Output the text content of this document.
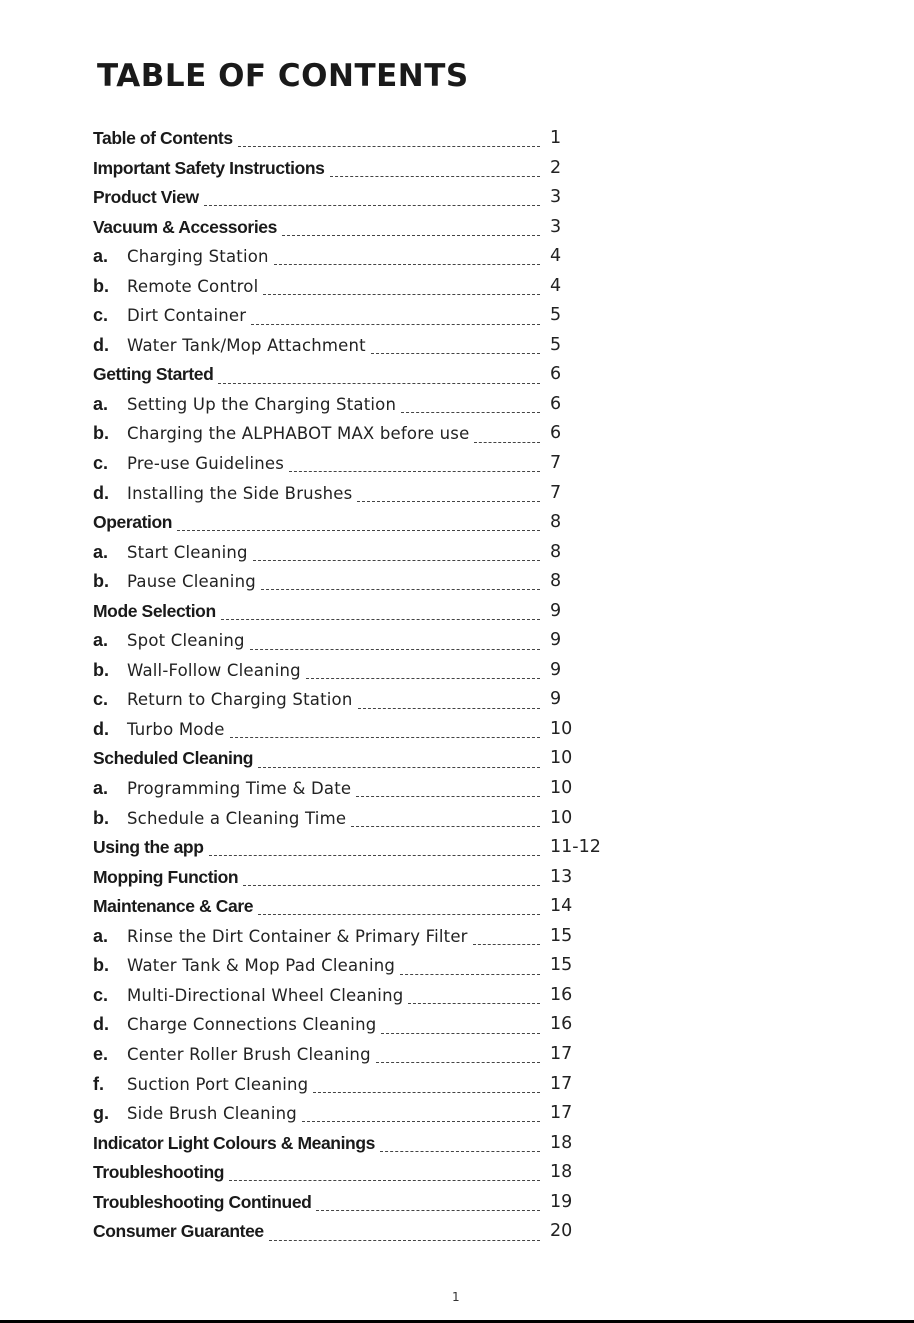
TABLE OF CONTENTS
Table of Contents	1
Important Safety Instructions	2
Product View	3
Vacuum & Accessories	3
a.	Charging Station	4
b.	Remote Control	4
c.	Dirt Container	5
d.	Water Tank/Mop Attachment	5
Getting Started	6
a.	Setting Up the Charging Station	6
b.	Charging the ALPHABOT MAX before use	6
c.	Pre-use Guidelines	7
d.	Installing the Side Brushes	7
Operation	8
a.	Start Cleaning	8
b.	Pause Cleaning	8
Mode Selection	9
a.	Spot Cleaning	9
b.	Wall-Follow Cleaning	9
c.	Return to Charging Station	9
d.	Turbo Mode	10
Scheduled Cleaning	10
a.	Programming Time & Date	10
b.	Schedule a Cleaning Time	10
Using the app	11-12
Mopping Function	13
Maintenance & Care	14
a.	Rinse the Dirt Container & Primary Filter	15
b.	Water Tank & Mop Pad Cleaning	15
c.	Multi-Directional Wheel Cleaning	16
d.	Charge Connections Cleaning	16
e.	Center Roller Brush Cleaning	17
f.	Suction Port Cleaning	17
g.	Side Brush Cleaning	17
Indicator Light Colours & Meanings	18
Troubleshooting	18
Troubleshooting Continued	19
Consumer Guarantee	20
1
